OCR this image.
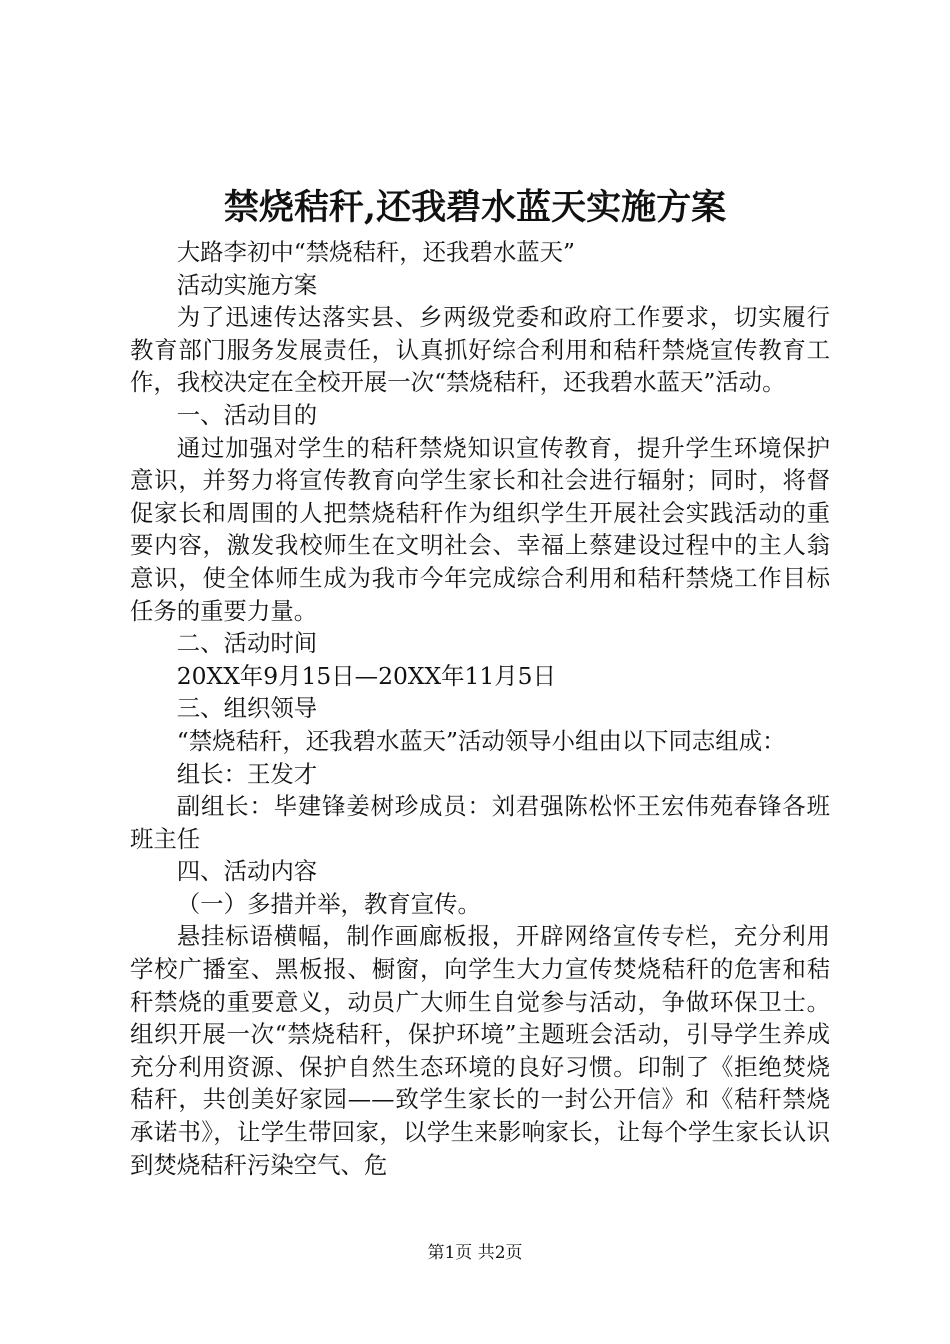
禁烧秸秆,还我碧水蓝天实施方案

大路李初中“禁烧秸秆，还我碧水蓝天”

活动实施方案

为了迅速传达落实县、乡两级党委和政府工作要求，切实履行教育部门服务发展责任，认真抓好综合利用和秸秆禁烧宣传教育工作，我校决定在全校开展一次“禁烧秸秆，还我碧水蓝天”活动。

一、活动目的

通过加强对学生的秸秆禁烧知识宣传教育，提升学生环境保护意识，并努力将宣传教育向学生家长和社会进行辐射；同时，将督促家长和周围的人把禁烧秸秆作为组织学生开展社会实践活动的重要内容，激发我校师生在文明社会、幸福上蔡建设过程中的主人翁意识，使全体师生成为我市今年完成综合利用和秸秆禁烧工作目标任务的重要力量。

二、活动时间

20XX年9月15日—20XX年11月5日

三、组织领导

“禁烧秸秆，还我碧水蓝天”活动领导小组由以下同志组成：

组长：王发才

副组长：毕建锋姜树珍成员：刘君强陈松怀王宏伟苑春锋各班班主任

四、活动内容

（一）多措并举，教育宣传。

悬挂标语横幅，制作画廊板报，开辟网络宣传专栏，充分利用学校广播室、黑板报、橱窗，向学生大力宣传焚烧秸秆的危害和秸秆禁烧的重要意义，动员广大师生自觉参与活动，争做环保卫士。组织开展一次“禁烧秸秆，保护环境”主题班会活动，引导学生养成充分利用资源、保护自然生态环境的良好习惯。印制了《拒绝焚烧秸秆，共创美好家园——致学生家长的一封公开信》和《秸秆禁烧承诺书》，让学生带回家，以学生来影响家长，让每个学生家长认识到焚烧秸秆污染空气、危

第1页 共2页
